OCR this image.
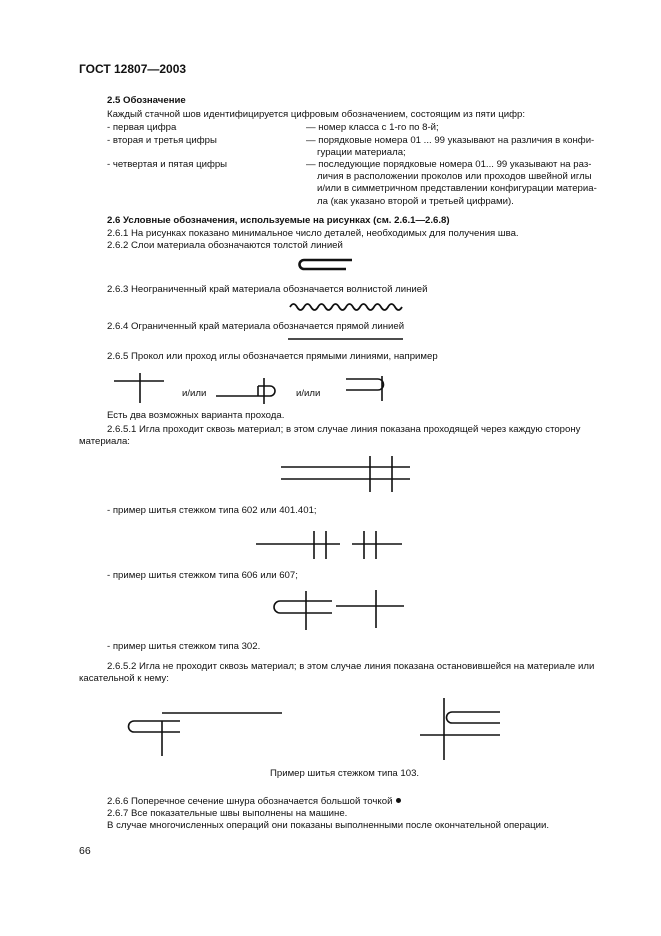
ГОСТ 12807—2003
2.5 Обозначение
Каждый стачной шов идентифицируется цифровым обозначением, состоящим из пяти цифр:
- первая цифра	— номер класса с 1-го по 8-й;
- вторая и третья цифры	— порядковые номера 01 ... 99 указывают на различия в конфи-
гурации материала;
- четвертая и пятая цифры	— последующие порядковые номера 01... 99 указывают на раз-
личия в расположении проколов или проходов швейной иглы
и/или в симметричном представлении конфигурации материа-
ла (как указано второй и третьей цифрами).
2.6 Условные обозначения, используемые на рисунках (см. 2.6.1—2.6.8)
2.6.1 На рисунках показано минимальное число деталей, необходимых для получения шва.
2.6.2 Слои материала обозначаются толстой линией
2.6.3 Неограниченный край материала обозначается волнистой линией
2.6.4 Ограниченный край материала обозначается прямой линией
2.6.5 Прокол или проход иглы обозначается прямыми линиями, например
и/или	и/или
Есть два возможных варианта прохода.
2.6.5.1 Игла проходит сквозь материал; в этом случае линия показана проходящей через каждую сторону
материала:
- пример шитья стежком типа 602 или 401.401;
- пример шитья стежком типа 606 или 607;
- пример шитья стежком типа 302.
2.6.5.2 Игла не проходит сквозь материал; в этом случае линия показана остановившейся на материале или
касательной к нему:
Пример шитья стежком типа 103.
2.6.6 Поперечное сечение шнура обозначается большой точкой
2.6.7 Все показательные швы выполнены на машине.
В случае многочисленных операций они показаны выполненными после окончательной операции.
66
